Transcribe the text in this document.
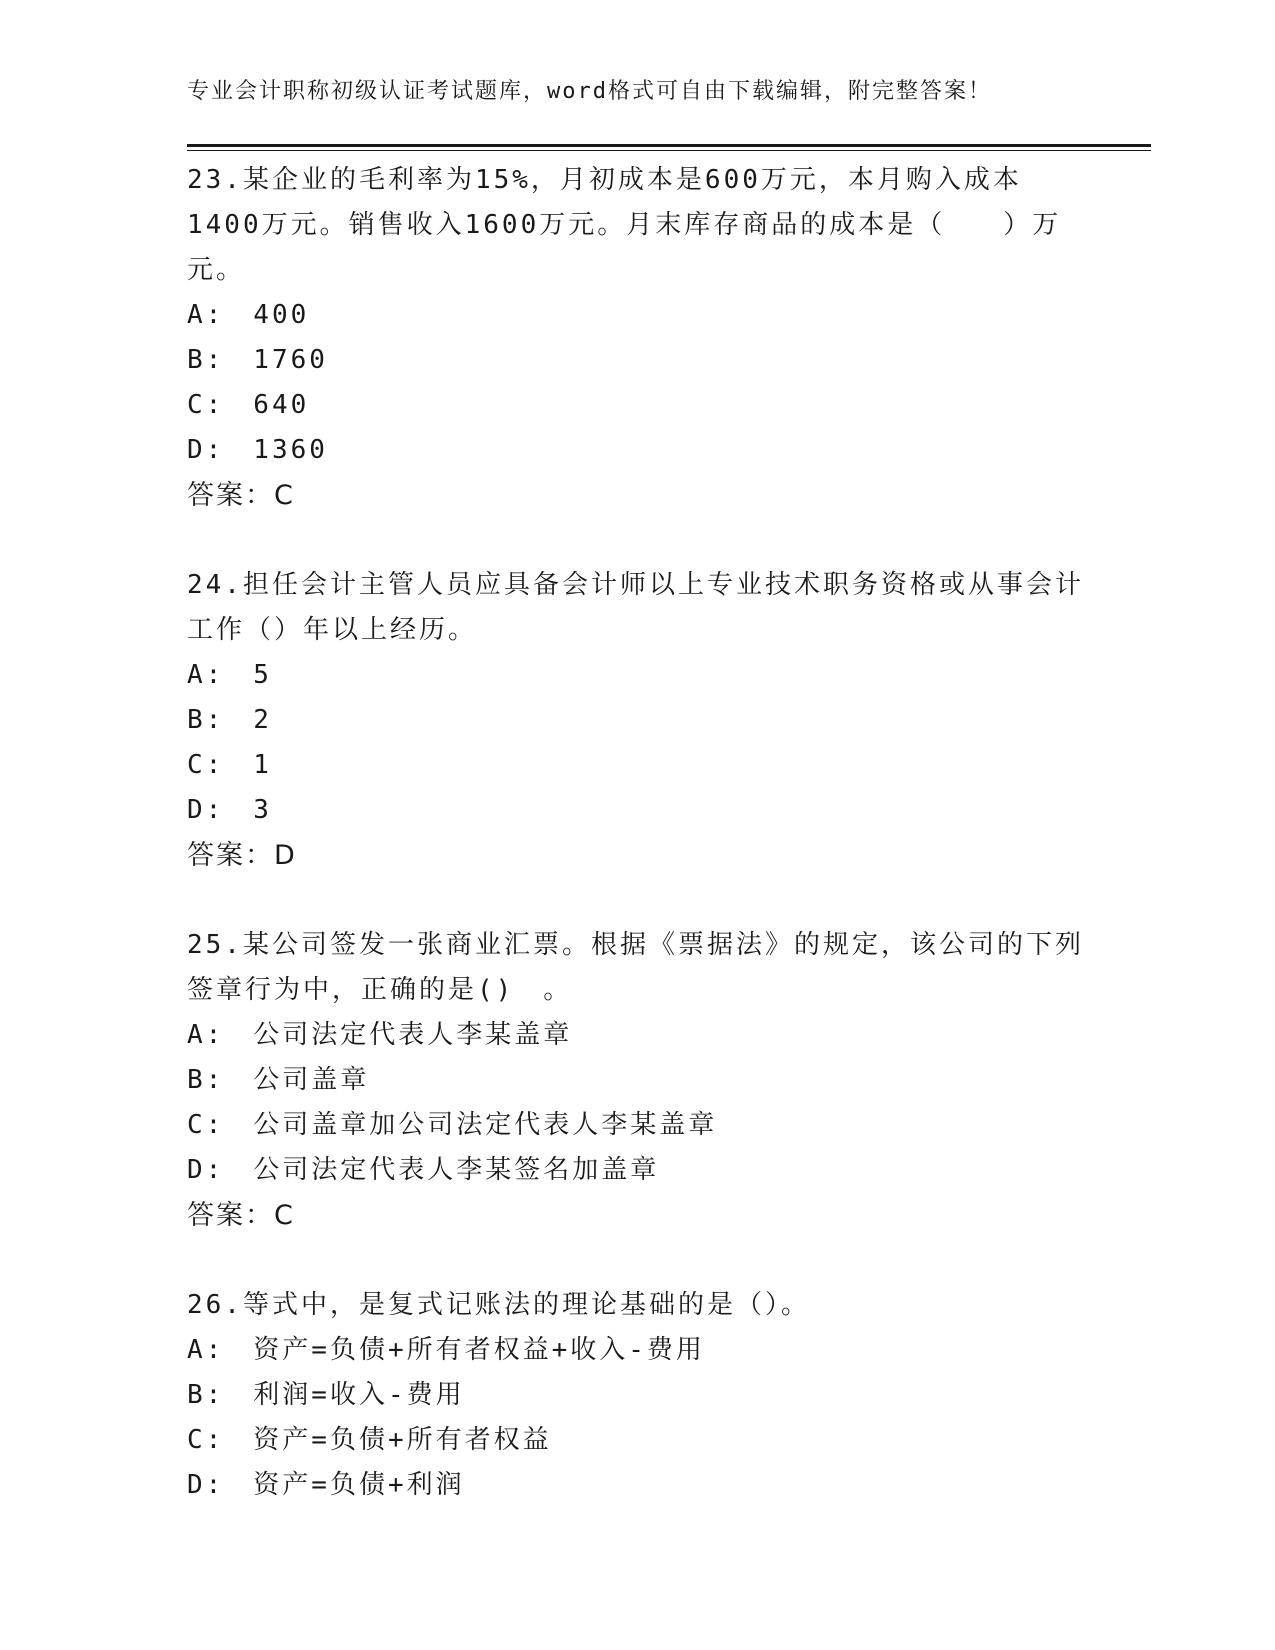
专业会计职称初级认证考试题库，word格式可自由下载编辑，附完整答案！

23.某企业的毛利率为15%，月初成本是600万元，本月购入成本1400万元。销售收入1600万元。月末库存商品的成本是（　　）万元。

A:　400

B:　1760

C:　640

D:　1360

答案：C

24.担任会计主管人员应具备会计师以上专业技术职务资格或从事会计工作（）年以上经历。

A:　5

B:　2

C:　1

D:　3

答案：D

25.某公司签发一张商业汇票。根据《票据法》的规定，该公司的下列签章行为中，正确的是()　。

A:　公司法定代表人李某盖章

B:　公司盖章

C:　公司盖章加公司法定代表人李某盖章

D:　公司法定代表人李某签名加盖章

答案：C

26.等式中，是复式记账法的理论基础的是（）。

A:　资产=负债+所有者权益+收入-费用

B:　利润=收入-费用

C:　资产=负债+所有者权益

D:　资产=负债+利润
